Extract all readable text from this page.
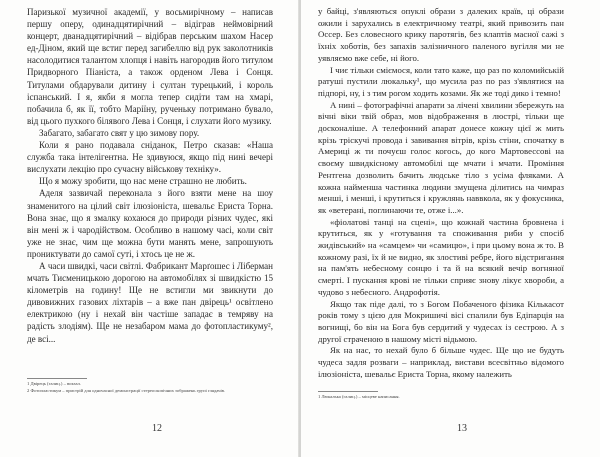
Паризької музичної академії, у восьмирічному – написав першу оперу, одинадцятирічний – відіграв неймовірний концерт, дванадцятирічний – відібрав перським шахом Насер ед-Діном, який ще встиг перед загибеллю від рук заколотників насолодитися талантом хлопця і навіть нагородив його титулом Придворного Піаніста, а також орденом Лева і Сонця. Титулами обдарували дитину і султан турецький, і король іспанський. І я, якби я могла тепер сидіти там на хмарі, побачила б, як її, тобто Маріїну, рученьку потримано бувало, від цього пухкого білявого Лева і Сонця, і слухати його музику.

Забагато, забагато свят у цю зимову пору.

Коли я рано подавала сніданок, Петро сказав: «Наша служба така інтелігентна. Не здивуюся, якщо під нині вечері вислухати лекцію про сучасну військову техніку».

Що я можу зробити, що нас мене страшно не любить.

Аделя зазвичай переконала з його взяти мене на шоу знаменитого на цілий світ ілюзіоніста, шевальє Ериста Торна. Вона знає, що я змалку кохаюся до природи різних чудес, які він мені ж і чародійством. Особливо в нашому часі, коли світ уже не знає, чим ще можна бути манять мене, запрошують прониктувати до самої суті, і хтось це не ж.

А часи швидкі, часи світлі. Фабрикант Марґошес і Ліберман мчать Тисменицькою дорогою на автомобілях зі швидкістю 15 кілометрів на годину! Ще не встигли ми звикнути до дивовижних газових ліхтарів – а вже пан двірець¹ освітлено електрикою (ну і нехай він частіше западає в темряву на радість злодіям). Ще не незабаром мама до фотопластикуму², де всі...

1 Двірець (галиц.) – вокзал.

2 Фотопластикум – пристрій для одночасної демонстрації стереоскопічних зображень групі глядачів.

12

у байці, з'являються опуклі образи з далеких країв, ці образи ожили і зарухались в електричному театрі, який привозить пан Оссер. Без словесного крику паротягів, без клаптів масної сажі з їхніх хоботів, без запахів залізничного паленого вугілля ми не уявляємо вже себе, ні його.

І чиє тільки сміємося, коли тато каже, що раз по коломийській ратуші пустили люкальку¹, що мусила раз по раз з'являтися на підпорі, ну, і з тим рогом ходить козами. Як же тоді дико і темно!

А нині – фотографічні апарати за лічені хвилини збережуть на вічні віки твій образ, мов відображення в люстрі, тільки ще досконаліше. А телефонний апарат донесе кожну цієї ж мить крізь тріскучі провода і завивання вітрів, крізь стіни, спочатку в Америці ж ти почуєш голос когось, до кого Мартовессові на своєму швидкісному автомобілі ще мчати і мчати. Проміння Рентгена дозволить бачить людське тіло з усіма фляками. А кожна найменша частинка людини змущена ділитись на чимраз менші, і менші, і крутиться і кружлянь наввкола, як у фокусника, як «ветерані, поглинаючи те, отже і...».

«фіолатові танці на сцені», що кожнай частина бровнена і крутиться, як у «готування та споживання риби у спосіб жидівський» на «самцем» чи «самицю», і при цьому вона ж то. В кожному разі, їх й не видно, як злостиві ребре, його відстригання на пам'ять небесному сонцю і та й на всякий вечір вогняної смерті. І пускання крові не тільки сприяє знову лікує хвороби, а чудово з небесного. Андрофотія.

Якщо так піде далі, то з Богом Побаченого фізика Кількасот років тому з цією для Мокришичі вісі спалили був Едіпарція на вогнищі, бо він на Бога був сердитий у чудесах із сестрою. А з другої страченою в нашому місті відьмою.

Як на нас, то нехай було б більше чудес. Ще що не будуть чудеса задля розваги – наприклад, вистави всесвітньо відомого ілюзіоніста, шевальє Ериста Торна, якому належить

1 Люкалька (галиц.) – місцеве написання.

13
